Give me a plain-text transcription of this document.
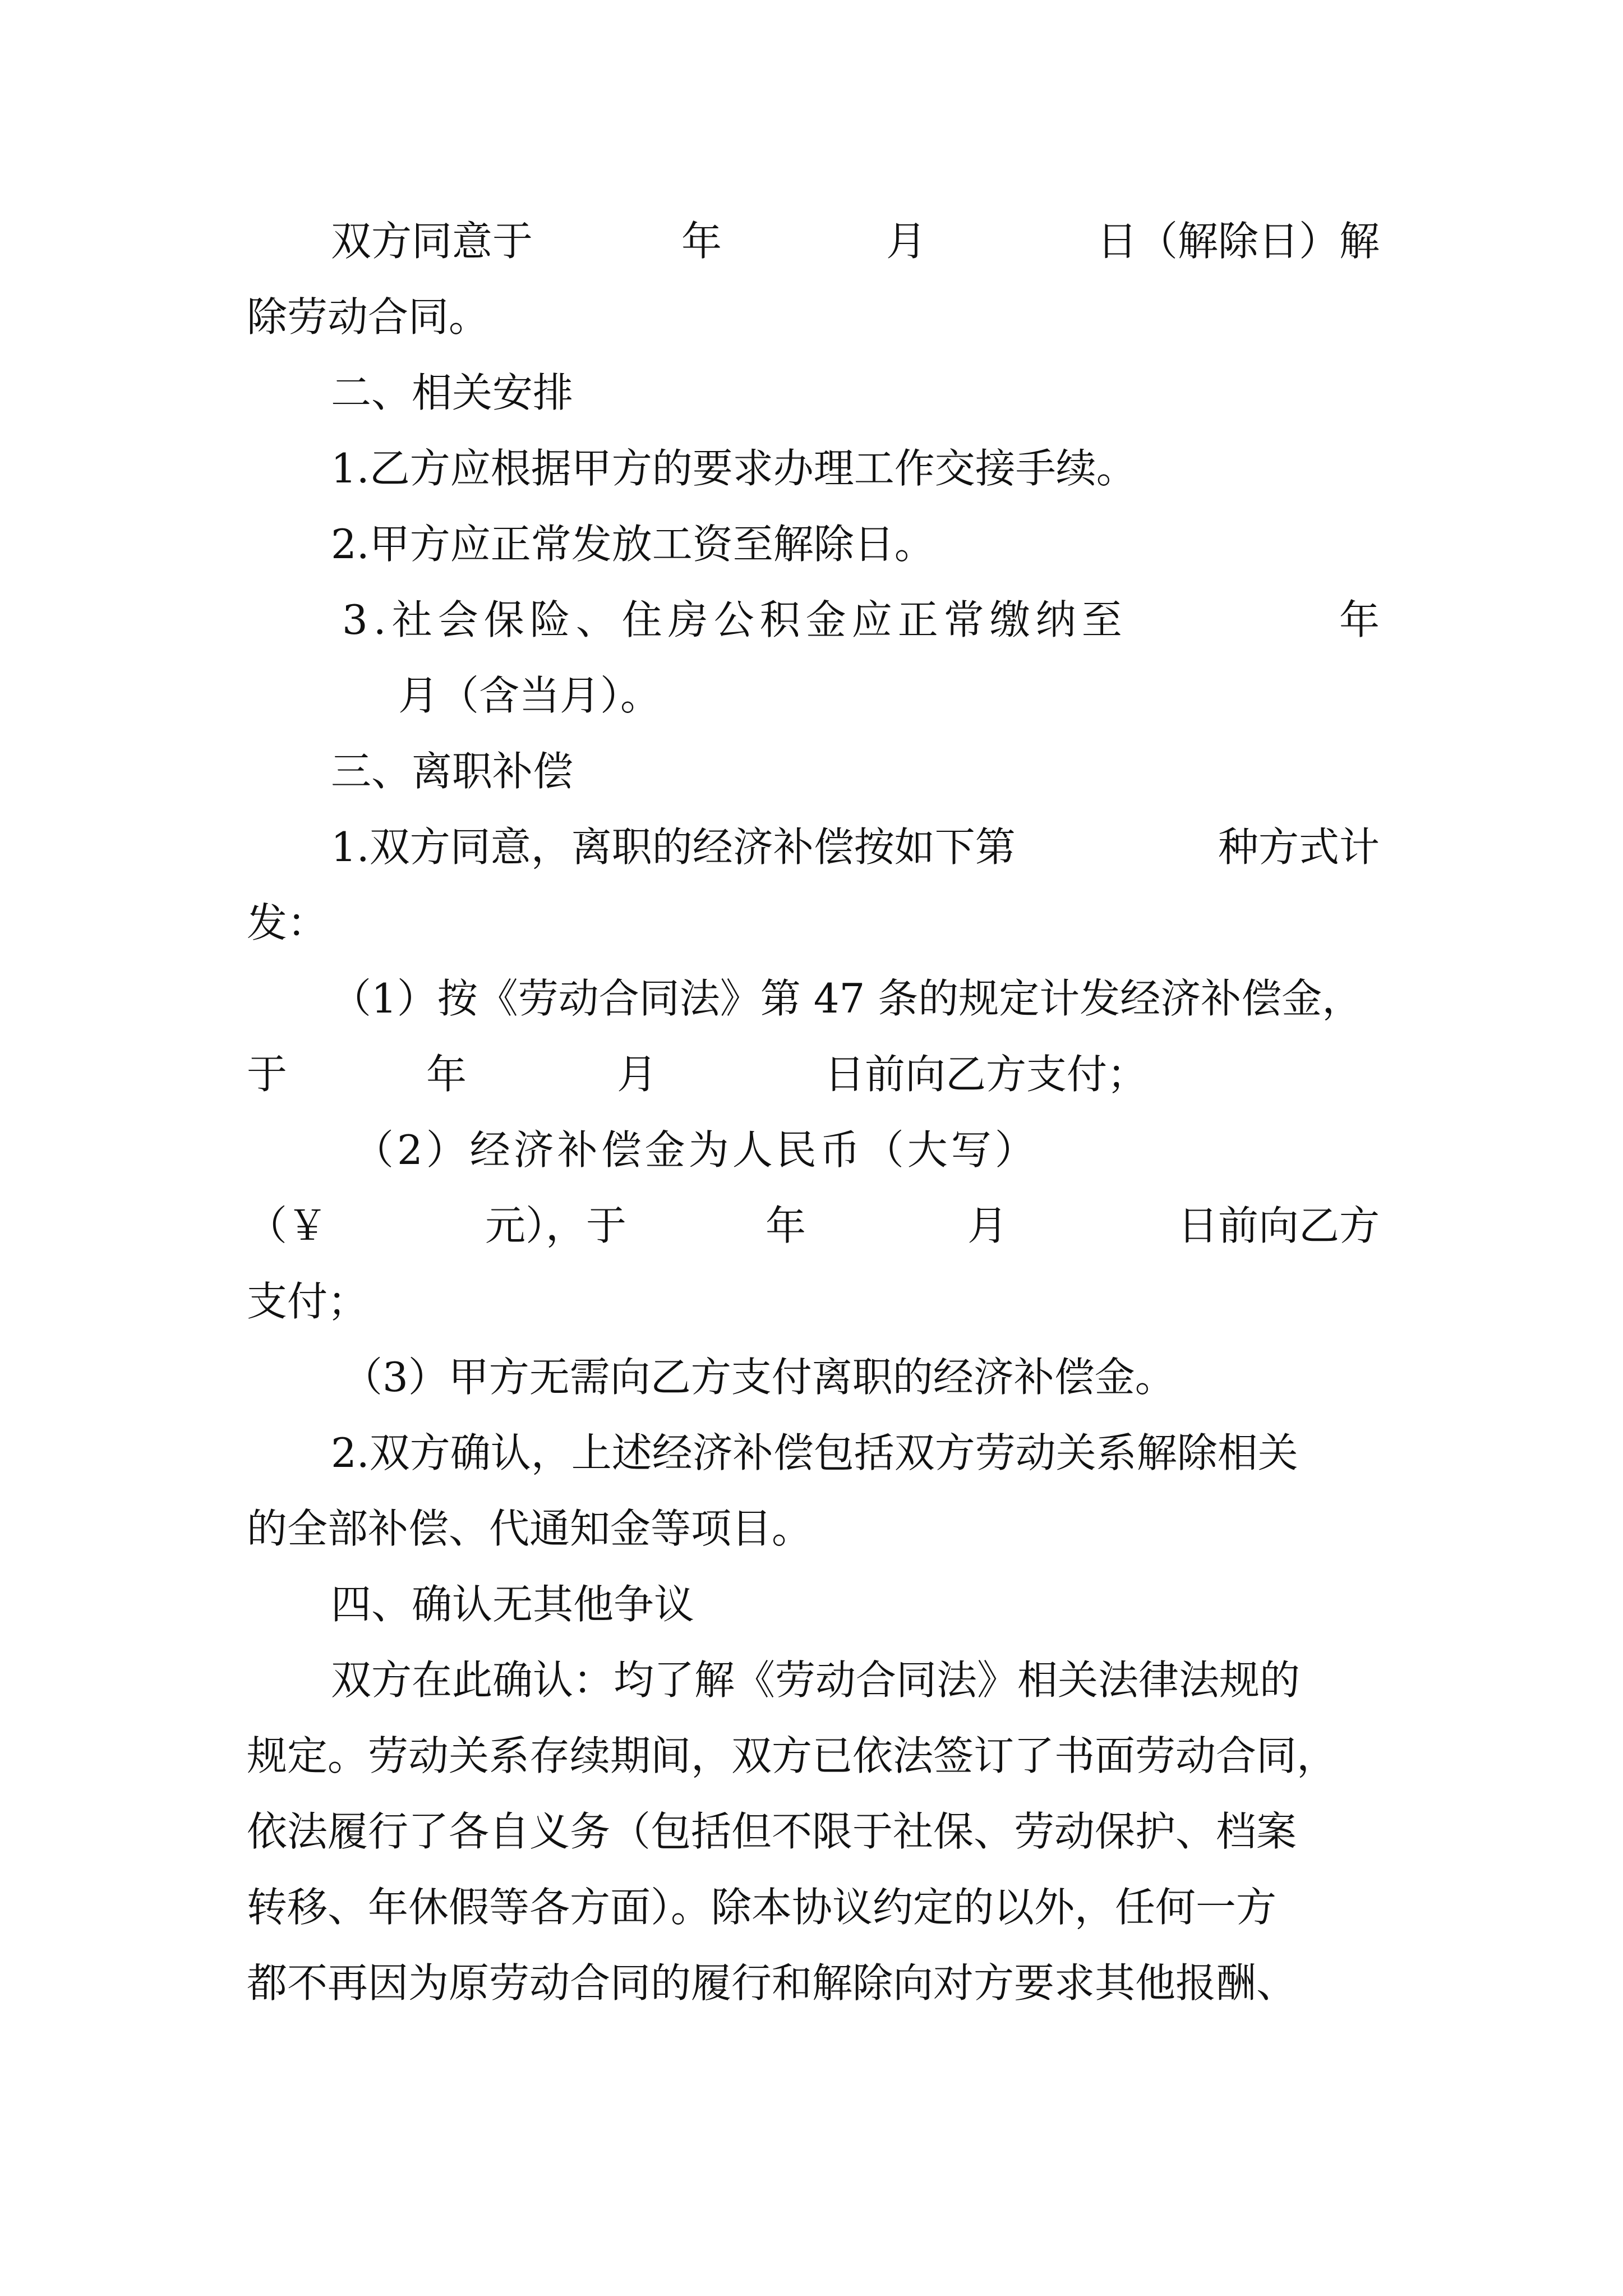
双方同意于	年	月	日（解除日）解
除劳动合同。
二、相关安排
1.乙方应根据甲方的要求办理工作交接手续。
2.甲方应正常发放工资至解除日。
3.社会保险、住房公积金应正常缴纳至	年
月（含当月）。
三、离职补偿
1.双方同意，离职的经济补偿按如下第	种方式计
发：
（1）按《劳动合同法》第 47 条的规定计发经济补偿金，
于	年	月	日前向乙方支付；
（2）经济补偿金为人民币（大写）
（￥	元），于	年	月	日前向乙方
支付；
（3）甲方无需向乙方支付离职的经济补偿金。
2.双方确认，上述经济补偿包括双方劳动关系解除相关
的全部补偿、代通知金等项目。
四、确认无其他争议
双方在此确认：均了解《劳动合同法》相关法律法规的
规定。劳动关系存续期间，双方已依法签订了书面劳动合同，
依法履行了各自义务（包括但不限于社保、劳动保护、档案
转移、年休假等各方面）。除本协议约定的以外，任何一方
都不再因为原劳动合同的履行和解除向对方要求其他报酬、
